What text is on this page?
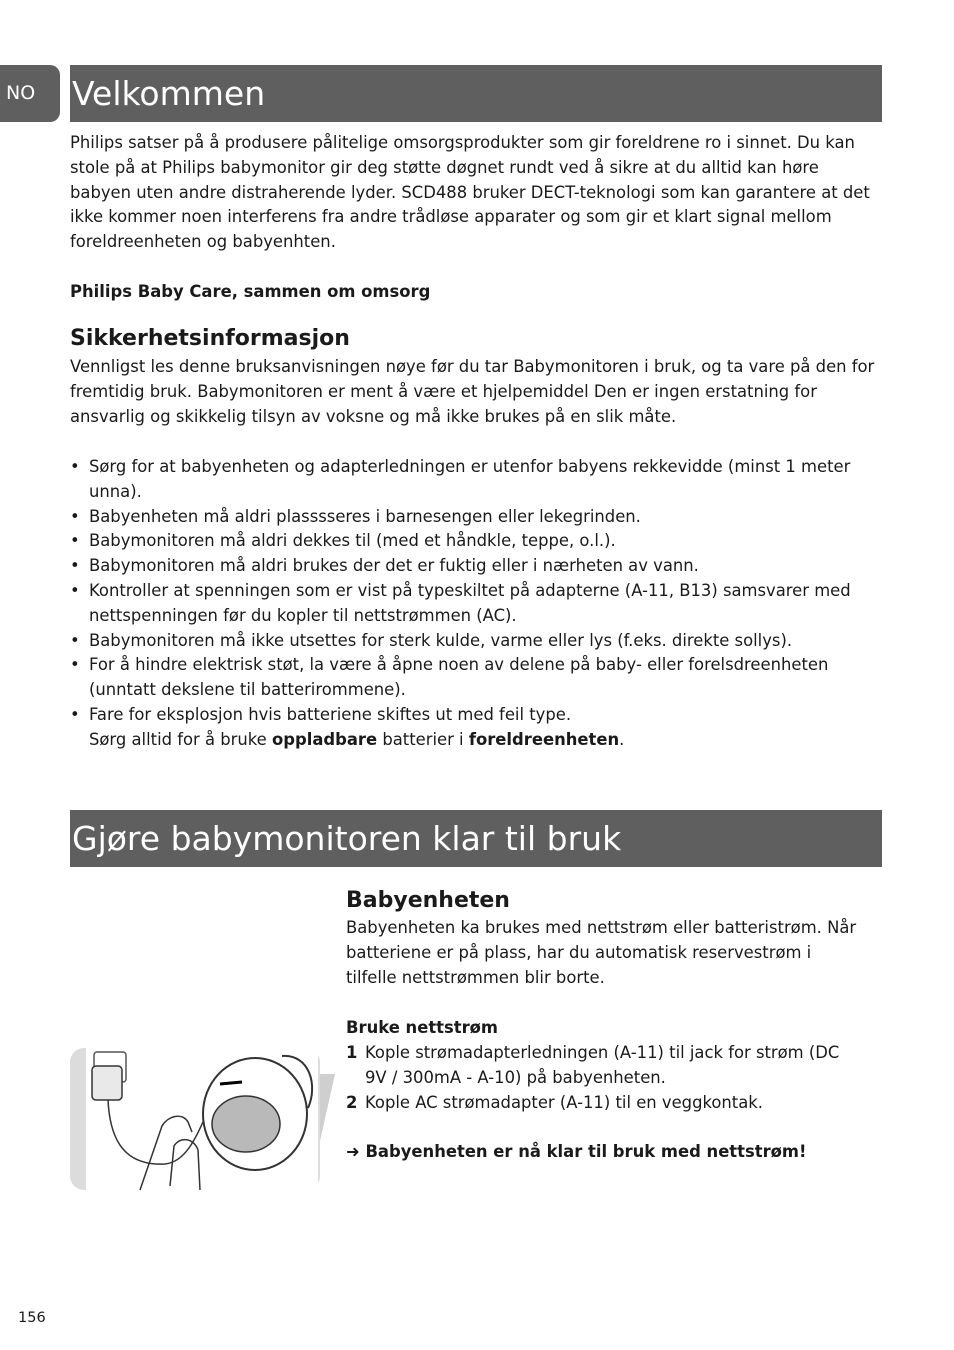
NO	Velkommen
Philips satser på å produsere pålitelige omsorgsprodukter som gir foreldrene ro i sinnet. Du kan stole på at Philips babymonitor gir deg støtte døgnet rundt ved å sikre at du alltid kan høre babyen uten andre distraherende lyder. SCD488 bruker DECT-teknologi som kan garantere at det ikke kommer noen interferens fra andre trådløse apparater og som gir et klart signal mellom foreldreenheten og babyenhten.
Philips Baby Care, sammen om omsorg
Sikkerhetsinformasjon
Vennligst les denne bruksanvisningen nøye før du tar Babymonitoren i bruk, og ta vare på den for fremtidig bruk. Babymonitoren er ment å være et hjelpemiddel Den er ingen erstatning for ansvarlig og skikkelig tilsyn av voksne og må ikke brukes på en slik måte.
• Sørg for at babyenheten og adapterledningen er utenfor babyens rekkevidde (minst 1 meter unna).
• Babyenheten må aldri plasssseres i barnesengen eller lekegrinden.
• Babymonitoren må aldri dekkes til (med et håndkle, teppe, o.l.).
• Babymonitoren må aldri brukes der det er fuktig eller i nærheten av vann.
• Kontroller at spenningen som er vist på typeskiltet på adapterne (A-11, B13) samsvarer med nettspenningen før du kopler til nettstrømmen (AC).
• Babymonitoren må ikke utsettes for sterk kulde, varme eller lys (f.eks. direkte sollys).
• For å hindre elektrisk støt, la være å åpne noen av delene på baby- eller forelsdreenheten (unntatt dekslene til batterirommene).
• Fare for eksplosjon hvis batteriene skiftes ut med feil type.
Sørg alltid for å bruke oppladbare batterier i foreldreenheten.
Gjøre babymonitoren klar til bruk
Babyenheten
Babyenheten ka brukes med nettstrøm eller batteristrøm. Når batteriene er på plass, har du automatisk reservestrøm i tilfelle nettstrømmen blir borte.
Bruke nettstrøm
1 Kople strømadapterledningen (A-11) til jack for strøm (DC 9V / 300mA - A-10) på babyenheten.
2 Kople AC strømadapter (A-11) til en veggkontak.
➜ Babyenheten er nå klar til bruk med nettstrøm!
156
